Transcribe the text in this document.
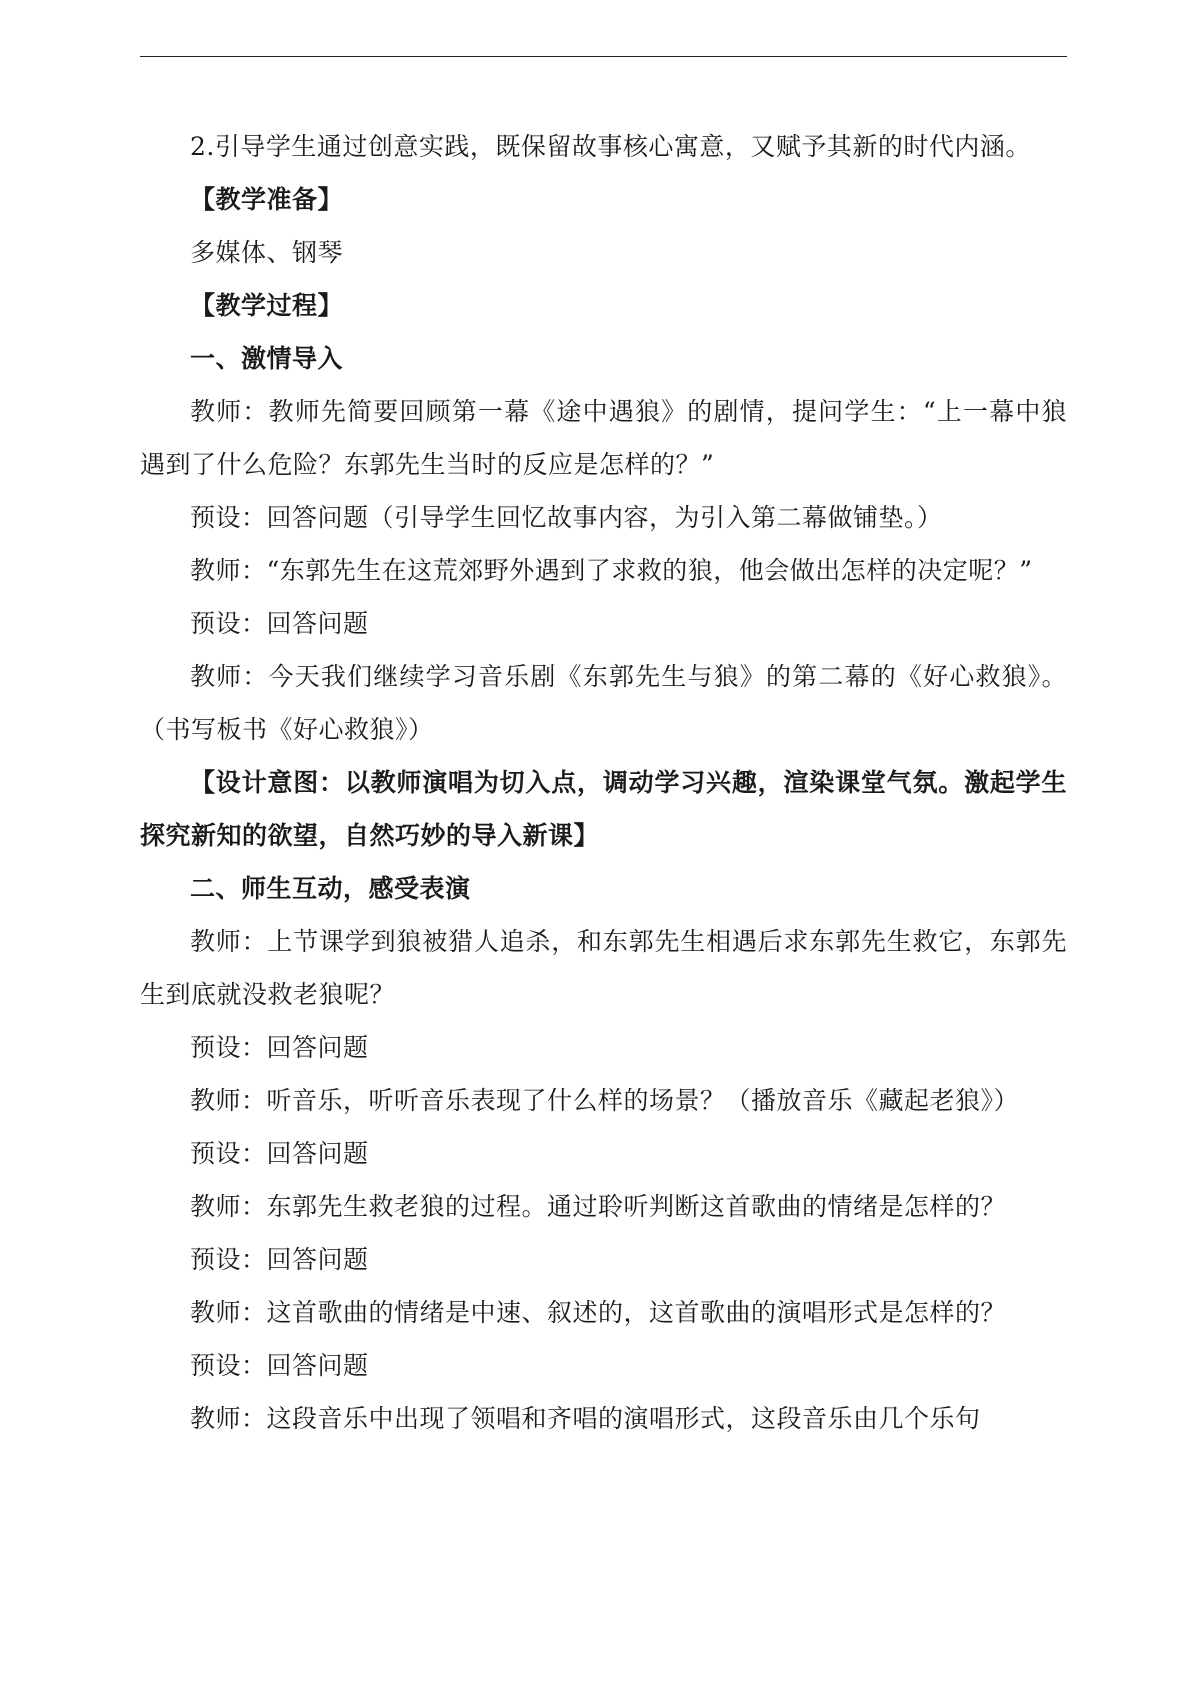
2.引导学生通过创意实践，既保留故事核心寓意，又赋予其新的时代内涵。

【教学准备】

多媒体、钢琴

【教学过程】

一、激情导入

教师：教师先简要回顾第一幕《途中遇狼》的剧情，提问学生：“上一幕中狼遇到了什么危险？东郭先生当时的反应是怎样的？”

预设：回答问题（引导学生回忆故事内容，为引入第二幕做铺垫。）

教师：“东郭先生在这荒郊野外遇到了求救的狼，他会做出怎样的决定呢？”

预设：回答问题

教师：今天我们继续学习音乐剧《东郭先生与狼》的第二幕的《好心救狼》。（书写板书《好心救狼》）

【设计意图：以教师演唱为切入点，调动学习兴趣，渲染课堂气氛。激起学生探究新知的欲望，自然巧妙的导入新课】

二、师生互动，感受表演

教师：上节课学到狼被猎人追杀，和东郭先生相遇后求东郭先生救它，东郭先生到底就没救老狼呢？

预设：回答问题

教师：听音乐，听听音乐表现了什么样的场景？（播放音乐《藏起老狼》）

预设：回答问题

教师：东郭先生救老狼的过程。通过聆听判断这首歌曲的情绪是怎样的？

预设：回答问题

教师：这首歌曲的情绪是中速、叙述的，这首歌曲的演唱形式是怎样的？

预设：回答问题

教师：这段音乐中出现了领唱和齐唱的演唱形式，这段音乐由几个乐句
